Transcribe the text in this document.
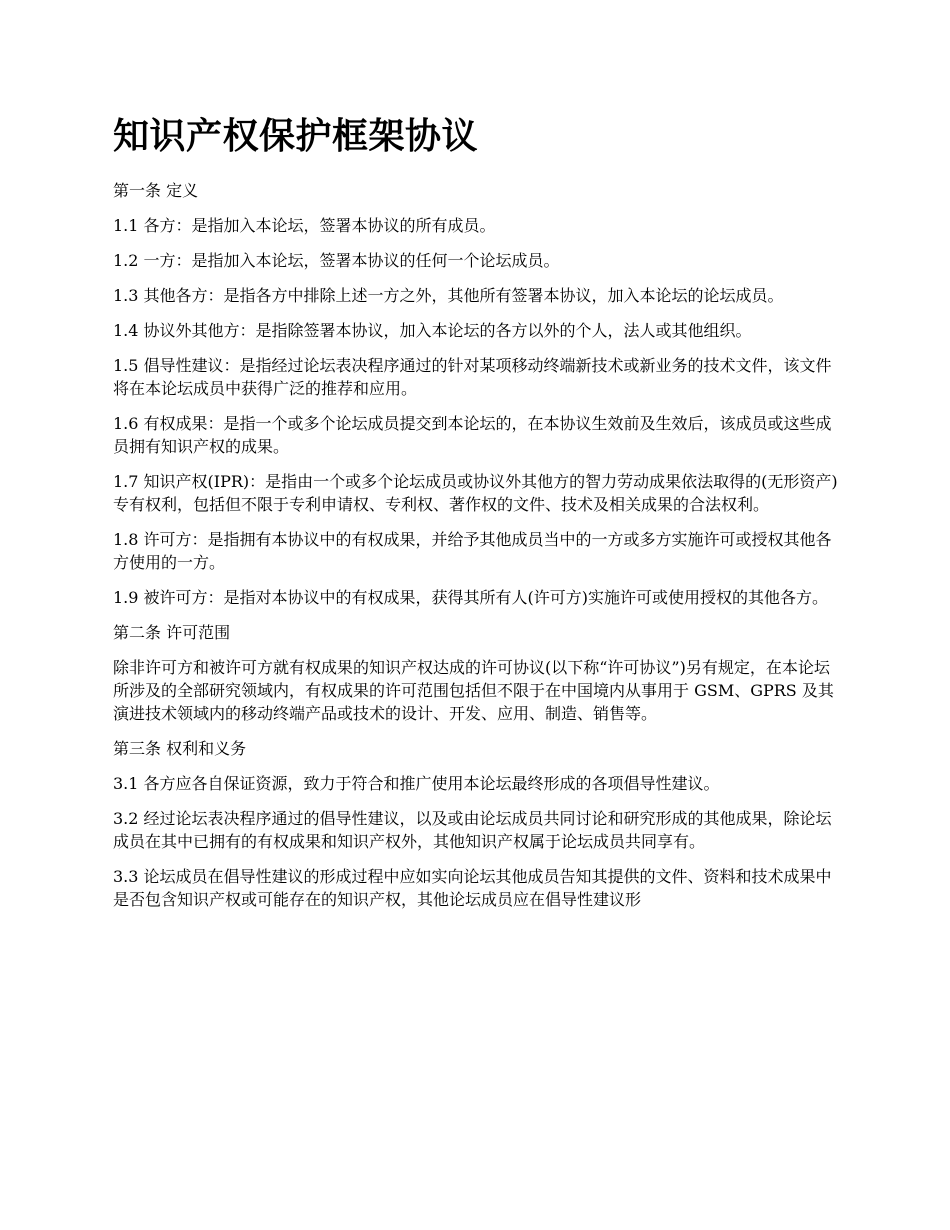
知识产权保护框架协议

第一条 定义

1.1 各方：是指加入本论坛，签署本协议的所有成员。

1.2 一方：是指加入本论坛，签署本协议的任何一个论坛成员。

1.3 其他各方：是指各方中排除上述一方之外，其他所有签署本协议，加入本论坛的论坛成员。

1.4 协议外其他方：是指除签署本协议，加入本论坛的各方以外的个人，法人或其他组织。

1.5 倡导性建议：是指经过论坛表决程序通过的针对某项移动终端新技术或新业务的技术文件，该文件将在本论坛成员中获得广泛的推荐和应用。

1.6 有权成果：是指一个或多个论坛成员提交到本论坛的，在本协议生效前及生效后，该成员或这些成员拥有知识产权的成果。

1.7 知识产权(IPR)：是指由一个或多个论坛成员或协议外其他方的智力劳动成果依法取得的(无形资产)专有权利，包括但不限于专利申请权、专利权、著作权的文件、技术及相关成果的合法权利。

1.8 许可方：是指拥有本协议中的有权成果，并给予其他成员当中的一方或多方实施许可或授权其他各方使用的一方。

1.9 被许可方：是指对本协议中的有权成果，获得其所有人(许可方)实施许可或使用授权的其他各方。

第二条 许可范围

除非许可方和被许可方就有权成果的知识产权达成的许可协议(以下称“许可协议”)另有规定，在本论坛所涉及的全部研究领域内，有权成果的许可范围包括但不限于在中国境内从事用于 GSM、GPRS 及其演进技术领域内的移动终端产品或技术的设计、开发、应用、制造、销售等。

第三条 权利和义务

3.1 各方应各自保证资源，致力于符合和推广使用本论坛最终形成的各项倡导性建议。

3.2 经过论坛表决程序通过的倡导性建议，以及或由论坛成员共同讨论和研究形成的其他成果，除论坛成员在其中已拥有的有权成果和知识产权外，其他知识产权属于论坛成员共同享有。

3.3 论坛成员在倡导性建议的形成过程中应如实向论坛其他成员告知其提供的文件、资料和技术成果中是否包含知识产权或可能存在的知识产权，其他论坛成员应在倡导性建议形
